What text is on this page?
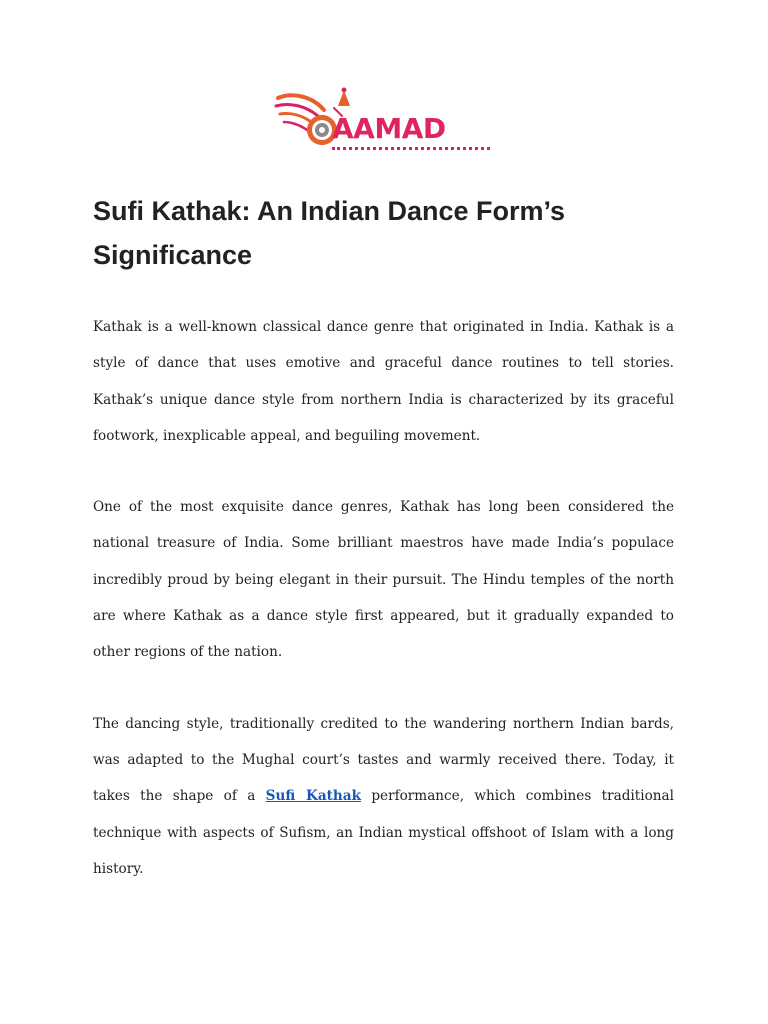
AAMAD
Sufi Kathak: An Indian Dance Form’s Significance

Kathak is a well-known classical dance genre that originated in India. Kathak is a style of dance that uses emotive and graceful dance routines to tell stories. Kathak’s unique dance style from northern India is characterized by its graceful footwork, inexplicable appeal, and beguiling movement.

One of the most exquisite dance genres, Kathak has long been considered the national treasure of India. Some brilliant maestros have made India’s populace incredibly proud by being elegant in their pursuit. The Hindu temples of the north are where Kathak as a dance style first appeared, but it gradually expanded to other regions of the nation.

The dancing style, traditionally credited to the wandering northern Indian bards, was adapted to the Mughal court’s tastes and warmly received there. Today, it takes the shape of a Sufi Kathak performance, which combines traditional technique with aspects of Sufism, an Indian mystical offshoot of Islam with a long history.
